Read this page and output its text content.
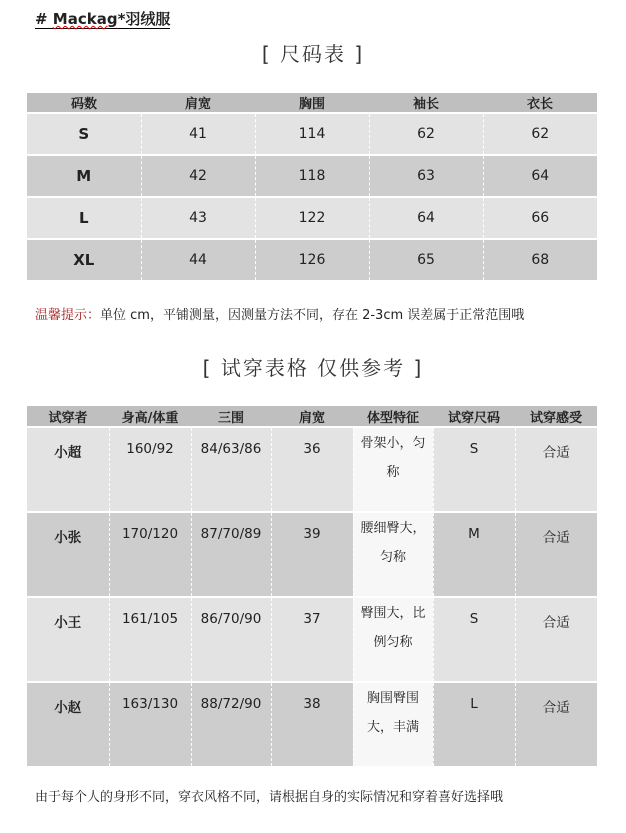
# Mackag*羽绒服
[ 尺码表 ]
码数	肩宽	胸围	袖长	衣长
S	41	114	62	62
M	42	118	63	64
L	43	122	64	66
XL	44	126	65	68
温馨提示：单位 cm，平铺测量，因测量方法不同，存在 2-3cm 误差属于正常范围哦
[ 试穿表格 仅供参考 ]
试穿者	身高/体重	三围	肩宽	体型特征	试穿尺码	试穿感受
小超	160/92	84/63/86	36	骨架小，匀称	S	合适
小张	170/120	87/70/89	39	腰细臀大，匀称	M	合适
小王	161/105	86/70/90	37	臀围大，比例匀称	S	合适
小赵	163/130	88/72/90	38	胸围臀围大，丰满	L	合适
由于每个人的身形不同，穿衣风格不同，请根据自身的实际情况和穿着喜好选择哦
